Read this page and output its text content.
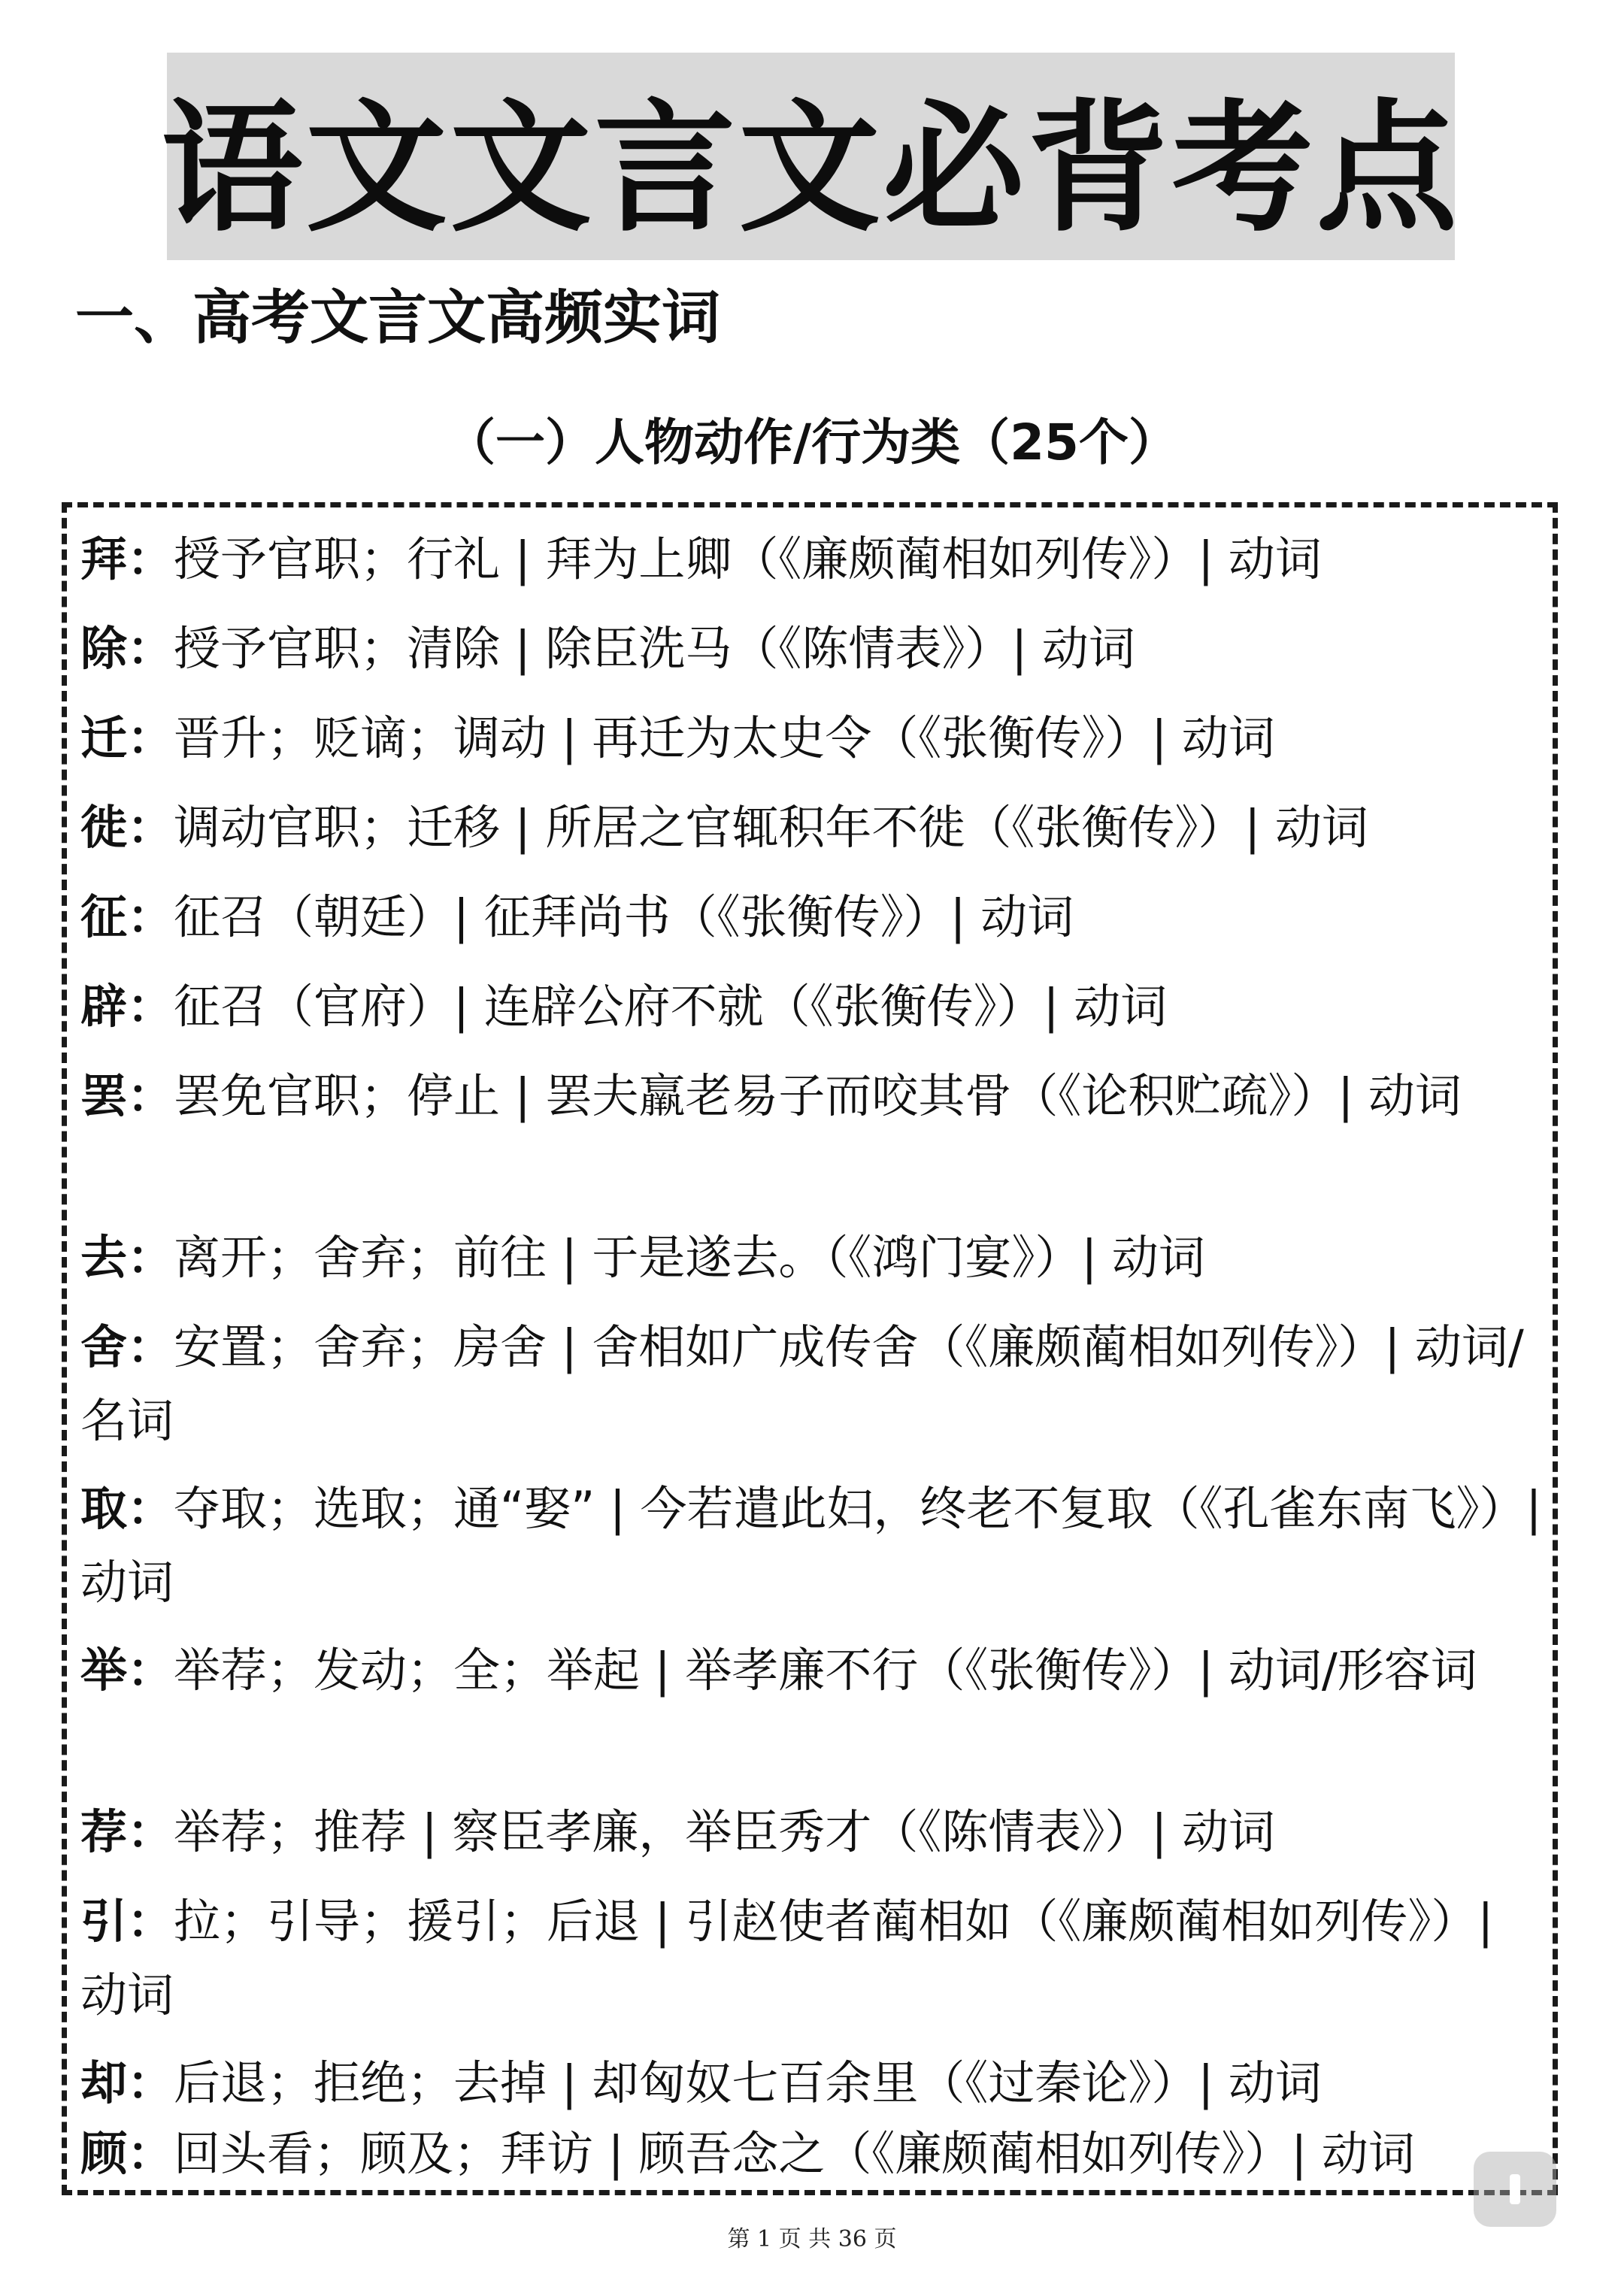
语文文言文必背考点
一、高考文言文高频实词
（一）人物动作/行为类（25个）
拜：授予官职；行礼 | 拜为上卿（《廉颇蔺相如列传》）| 动词
除：授予官职；清除 | 除臣洗马（《陈情表》）| 动词
迁：晋升；贬谪；调动 | 再迁为太史令（《张衡传》）| 动词
徙：调动官职；迁移 | 所居之官辄积年不徙（《张衡传》）| 动词
征：征召（朝廷）| 征拜尚书（《张衡传》）| 动词
辟：征召（官府）| 连辟公府不就（《张衡传》）| 动词
罢：罢免官职；停止 | 罢夫羸老易子而咬其骨（《论积贮疏》）| 动词
去：离开；舍弃；前往 | 于是遂去。（《鸿门宴》）| 动词
舍：安置；舍弃；房舍 | 舍相如广成传舍（《廉颇蔺相如列传》）| 动词/名词
取：夺取；选取；通“娶” | 今若遣此妇，终老不复取（《孔雀东南飞》）| 动词
举：举荐；发动；全；举起 | 举孝廉不行（《张衡传》）| 动词/形容词
荐：举荐；推荐 | 察臣孝廉，举臣秀才（《陈情表》）| 动词
引：拉；引导；援引；后退 | 引赵使者蔺相如（《廉颇蔺相如列传》）| 动词
却：后退；拒绝；去掉 | 却匈奴七百余里（《过秦论》）| 动词
顾：回头看；顾及；拜访 | 顾吾念之（《廉颇蔺相如列传》）| 动词
第 1 页 共 36 页
